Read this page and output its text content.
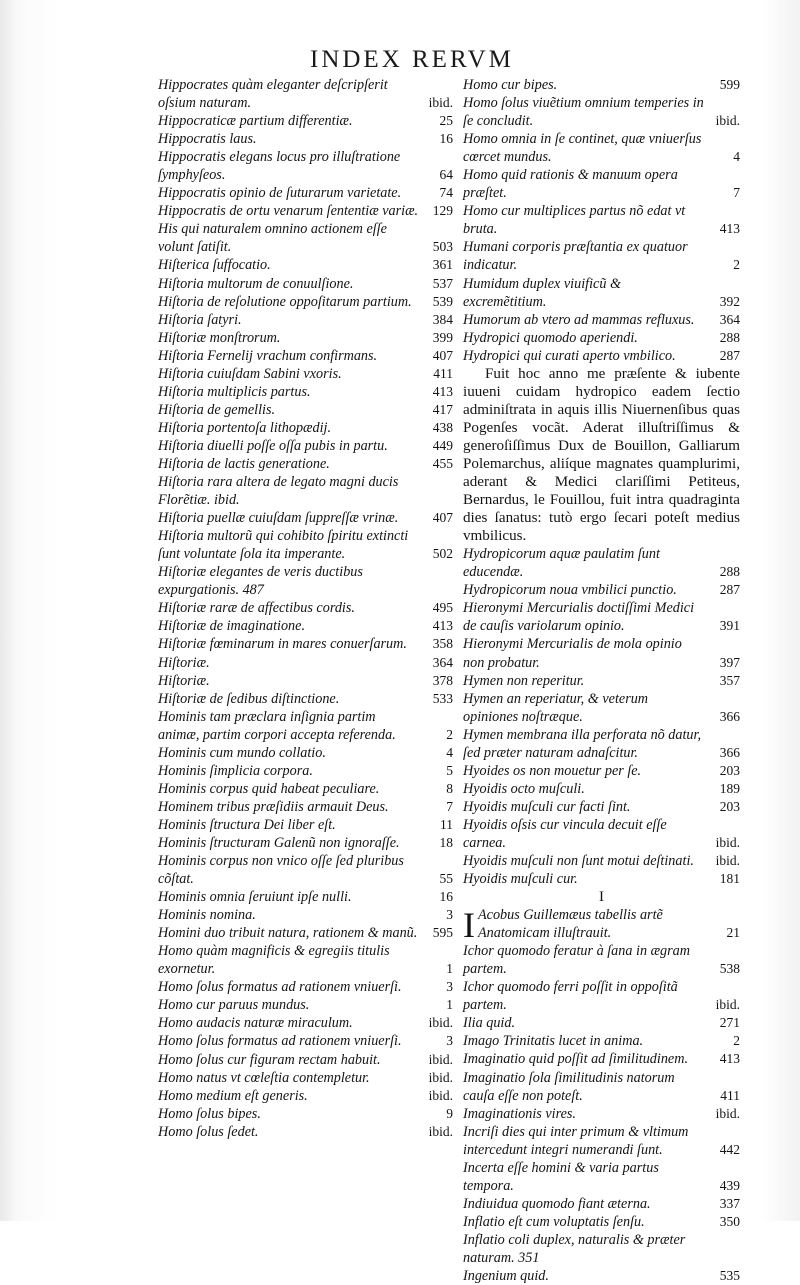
INDEX RERVM
Hippocrates quàm eleganter deſcripſerit oſsium naturam.	ibid.
Hippocraticæ partium differentiæ.	25
Hippocratis laus.	16
Hippocratis elegans locus pro illuſtratione ſymphyſeos.	64
Hippocratis opinio de ſuturarum varietate.	74
Hippocratis de ortu venarum ſententiæ variæ. 129
His qui naturalem omnino actionem eſſe volunt ſatiſit.	503
Hiſterica ſuffocatio.	361
Hiſtoria multorum de conuulſione.	537
Hiſtoria de reſolutione oppoſitarum partium. 539
Hiſtoria ſatyri.	384
Hiſtoriæ monſtrorum.	399
Hiſtoria Fernelij vrachum confirmans.	407
Hiſtoria cuiuſdam Sabini vxoris.	411
Hiſtoria multiplicis partus.	413
Hiſtoria de gemellis.	417
Hiſtoria portentoſa lithopædij.	438
Hiſtoria diuelli poſſe oſſa pubis in partu.	449
Hiſtoria de lactis generatione.	455
Hiſtoria rara altera de legato magni ducis Florẽtiæ. ibid.
Hiſtoria puellæ cuiuſdam ſuppreſſæ vrinæ.	407
Hiſtoria multorũ qui cohibito ſpiritu extincti ſunt voluntate ſola ita imperante.	502
Hiſtoriæ elegantes de veris ductibus expurgationis. 487
Hiſtoriæ raræ de affectibus cordis.	495
Hiſtoriæ de imaginatione.	413
Hiſtoriæ fœminarum in mares conuerſarum. 358
Hiſtoriæ.	364
Hiſtoriæ.	378
Hiſtoriæ de ſedibus diſtinctione.	533
Hominis tam præclara inſignia partim animæ, partim corpori accepta referenda.	2
Hominis cum mundo collatio.	4
Hominis ſimplicia corpora.	5
Hominis corpus quid habeat peculiare.	8
Hominem tribus præſidiis armauit Deus.	7
Hominis ſtructura Dei liber eſt.	11
Hominis ſtructuram Galenũ non ignoraſſe.	18
Hominis corpus non vnico oſſe ſed pluribus cõſtat.	55
Hominis omnia ſeruiunt ipſe nulli.	16
Hominis nomina.	3
Homini duo tribuit natura, rationem & manũ. 595
Homo quàm magnificis & egregiis titulis exornetur.	1
Homo ſolus formatus ad rationem vniuerſi.	3
Homo cur paruus mundus.	1
Homo audacis naturæ miraculum.	ibid.
Homo ſolus formatus ad rationem vniuerſi.	3
Homo ſolus cur figuram rectam habuit.	ibid.
Homo natus vt cœleſtia contempletur.	ibid.
Homo medium eſt generis.	ibid.
Homo ſolus bipes.	9
Homo ſolus ſedet.	ibid.
Homo cur bipes.	599
Homo ſolus viuẽtium omnium temperies in ſe concludit.	ibid.
Homo omnia in ſe continet, quæ vniuerſus cœrcet mundus.	4
Homo quid rationis & manuum opera præſtet.	7
Homo cur multiplices partus nõ edat vt bruta.	413
Humani corporis præſtantia ex quatuor indicatur.	2
Humidum duplex viuificũ & excremẽtitium.	392
Humorum ab vtero ad mammas refluxus. 364
Hydropici quomodo aperiendi.	288
Hydropici qui curati aperto vmbilico.	287

Fuit hoc anno me præſente & iubente iuueni cuidam hydropico eadem ſectio adminiſtrata in aquis illis Niuernenſibus quas Pogenſes vocãt. Aderat illuſtriſſimus & generoſiſſimus Dux de Bouillon, Galliarum Polemarchus, aliíque magnates quamplurimi, aderant & Medici clariſſimi Petiteus, Bernardus, le Fouillou, fuit intra quadraginta dies ſanatus: tutò ergo ſecari poteſt medius vmbilicus.

Hydropicorum aquæ paulatim ſunt educendæ.	288
Hydropicorum noua vmbilici punctio.	287
Hieronymi Mercurialis doctiſſimi Medici de cauſis variolarum opinio.	391
Hieronymi Mercurialis de mola opinio non probatur.	397
Hymen non reperitur.	357
Hymen an reperiatur, & veterum opiniones noſtræque.	366
Hymen membrana illa perforata nõ datur, ſed præter naturam adnaſcitur.	366
Hyoides os non mouetur per ſe.	203
Hyoidis octo muſculi.	189
Hyoidis muſculi cur facti ſint.	203
Hyoidis oſsis cur vincula decuit eſſe carnea.	ibid.
Hyoidis muſculi non ſunt motui deſtinati. ibid.
Hyoidis muſculi cur.	181
I
I Acobus Guillemæus tabellis artẽ Anatomicam illuſtrauit.	21
Ichor quomodo feratur à ſana in ægram partem.	538
Ichor quomodo ferri poſſit in oppoſitã partem.	ibid.
Ilia quid.	271
Imago Trinitatis lucet in anima.	2
Imaginatio quid poſſit ad ſimilitudinem. 413
Imaginatio ſola ſimilitudinis natorum cauſa eſſe non poteſt.	411
Imaginationis vires.	ibid.
Incriſi dies qui inter primum & vltimum intercedunt integri numerandi ſunt.	442
Incerta eſſe homini & varia partus tempora.	439
Indiuidua quomodo fiant æterna.	337
Inflatio eſt cum voluptatis ſenſu.	350
Inflatio coli duplex, naturalis & præter naturam. 351
Ingenium quid.	535
